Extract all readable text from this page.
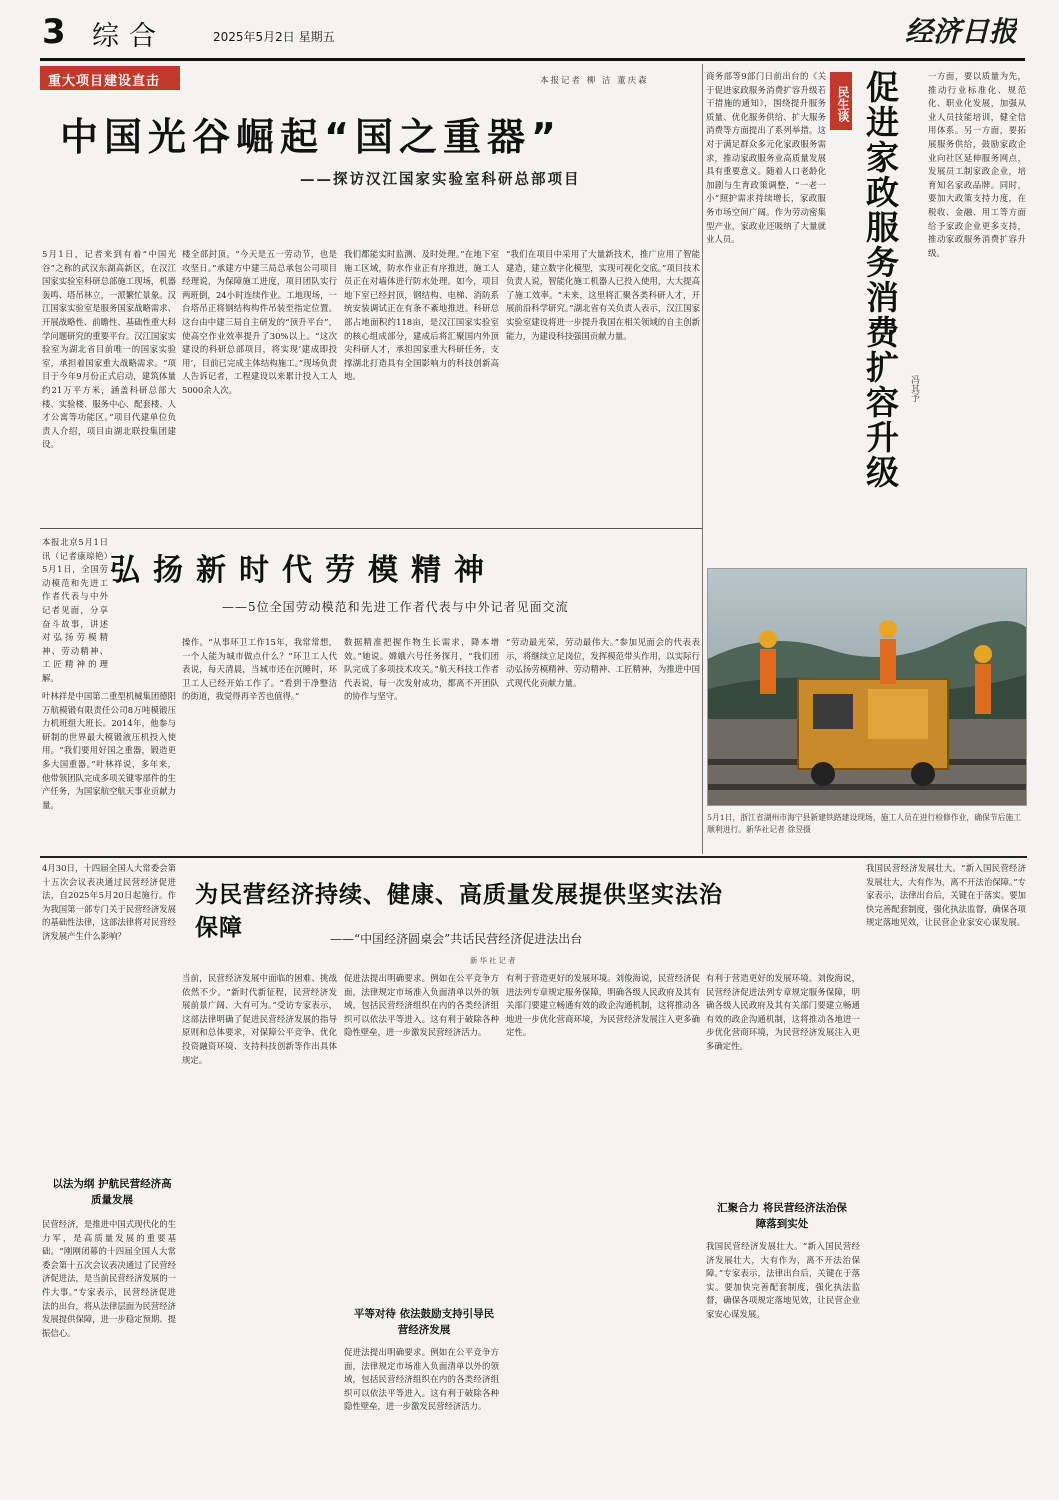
3 综合	2025年5月2日 星期五	经济日报
重大项目建设直击	本报记者 柳 洁 董庆森
中国光谷崛起“国之重器”
——探访汉江国家实验室科研总部项目
5月1日，记者来到有着“中国光谷”之称的武汉东湖高新区，在汉江国家实验室科研总部施工现场，机器轰鸣、塔吊林立，一派繁忙景象。汉江国家实验室是服务国家战略需求、开展战略性、前瞻性、基础性重大科学问题研究的重要平台。汉江国家实验室为湖北省目前唯一的国家实验室，承担着国家重大战略需求。“项目于今年9月份正式启动，建筑体量约21万平方米，涵盖科研总部大楼、实验楼、服务中心、配套楼、人才公寓等功能区。”项目代建单位负责人介绍，项目由湖北联投集团建设。
楼全部封顶。“今天是五一劳动节，也是攻坚日。”承建方中建三局总承包公司项目经理说，为保障施工进度，项目团队实行两班倒，24小时连续作业。工地现场，一台塔吊正将钢结构构件吊装至指定位置。这台由中建三局自主研发的“顶升平台”，使高空作业效率提升了30%以上。“这次建设的科研总部项目，将实现‘建成即投用’，目前已完成主体结构施工。”现场负责人告诉记者，工程建设以来累计投入工人5000余人次。
我们都能实时监测、及时处理。”在地下室施工区域，防水作业正有序推进，施工人员正在对墙体进行防水处理。如今，项目地下室已经封顶，钢结构、电梯、消防系统安装调试正在有条不紊地推进。科研总部占地面积约118亩，是汉江国家实验室的核心组成部分，建成后将汇聚国内外顶尖科研人才，承担国家重大科研任务，支撑湖北打造具有全国影响力的科技创新高地。
“我们在项目中采用了大量新技术，推广应用了智能建造，建立数字化模型，实现可视化交底。”项目技术负责人说，智能化施工机器人已投入使用，大大提高了施工效率。“未来，这里将汇聚各类科研人才，开展前沿科学研究。”湖北省有关负责人表示，汉江国家实验室建设将进一步提升我国在相关领域的自主创新能力，为建设科技强国贡献力量。
商务部等9部门日前出台的《关于促进家政服务消费扩容升级若干措施的通知》，围绕提升服务质量、优化服务供给、扩大服务消费等方面提出了系列举措。这对于满足群众多元化家政服务需求，推动家政服务业高质量发展具有重要意义。随着人口老龄化加剧与生育政策调整，“一老一小”照护需求持续增长，家政服务市场空间广阔。作为劳动密集型产业，家政业还吸纳了大量就业人员。
民生谈 促进家政服务消费扩容升级	冯其予
一方面，要以质量为先，推动行业标准化、规范化、职业化发展，加强从业人员技能培训，健全信用体系。另一方面，要拓展服务供给，鼓励家政企业向社区延伸服务网点，发展员工制家政企业，培育知名家政品牌。同时，要加大政策支持力度，在税收、金融、用工等方面给予家政企业更多支持，推动家政服务消费扩容升级。
本报北京5月1日讯（记者康琼艳）5月1日，全国劳动模范和先进工作者代表与中外记者见面，分享奋斗故事，讲述对弘扬劳模精神、劳动精神、工匠精神的理解。
弘扬新时代劳模精神
——5位全国劳动模范和先进工作者代表与中外记者见面交流
叶林祥是中国第二重型机械集团德阳万航模锻有限责任公司8万吨模锻压力机班组大班长。2014年，他参与研制的世界最大模锻液压机投入使用。“我们要用好国之重器，锻造更多大国重器。”叶林祥说，多年来，他带领团队完成多项关键零部件的生产任务，为国家航空航天事业贡献力量。
操作。“从事环卫工作15年，我常常想，一个人能为城市做点什么？”环卫工人代表说，每天清晨，当城市还在沉睡时，环卫工人已经开始工作了。“看到干净整洁的街道，我觉得再辛苦也值得。”
数据精准把握作物生长需求，降本增效。”她说。嫦娥六号任务探月，“我们团队完成了多项技术攻关。”航天科技工作者代表说，每一次发射成功，都离不开团队的协作与坚守。
“劳动最光荣，劳动最伟大。”参加见面会的代表表示，将继续立足岗位，发挥模范带头作用，以实际行动弘扬劳模精神、劳动精神、工匠精神，为推进中国式现代化贡献力量。
5月1日，浙江省湖州市海宁县新建铁路建设现场，施工人员在进行检修作业，确保节后施工顺利进行。新华社记者 徐昱摄
4月30日，十四届全国人大常委会第十五次会议表决通过民营经济促进法，自2025年5月20日起施行。作为我国第一部专门关于民营经济发展的基础性法律，这部法律将对民营经济发展产生什么影响？
为民营经济持续、健康、高质量发展提供坚实法治保障	——“中国经济圆桌会”共话民营经济促进法出台
新华社记者
以法为纲 护航民营经济高质量发展
民营经济，是推进中国式现代化的生力军，是高质量发展的重要基础。“刚刚闭幕的十四届全国人大常委会第十五次会议表决通过了民营经济促进法，是当前民营经济发展的一件大事。”专家表示，民营经济促进法的出台，将从法律层面为民营经济发展提供保障，进一步稳定预期、提振信心。
当前，民营经济发展中面临的困难、挑战依然不少。“新时代新征程，民营经济发展前景广阔、大有可为。”受访专家表示，这部法律明确了促进民营经济发展的指导原则和总体要求，对保障公平竞争、优化投资融资环境、支持科技创新等作出具体规定。
促进法提出明确要求。例如在公平竞争方面，法律规定市场准入负面清单以外的领域，包括民营经济组织在内的各类经济组织可以依法平等进入。这有利于破除各种隐性壁垒，进一步激发民营经济活力。
平等对待 依法鼓励支持引导民营经济发展
促进法提出明确要求。例如在公平竞争方面，法律规定市场准入负面清单以外的领域，包括民营经济组织在内的各类经济组织可以依法平等进入。这有利于破除各种隐性壁垒，进一步激发民营经济活力。
有利于营造更好的发展环境。刘俊海说，民营经济促进法列专章规定服务保障，明确各级人民政府及其有关部门要建立畅通有效的政企沟通机制，这将推动各地进一步优化营商环境，为民营经济发展注入更多确定性。
汇聚合力 将民营经济法治保障落到实处
有利于营造更好的发展环境。刘俊海说，民营经济促进法列专章规定服务保障，明确各级人民政府及其有关部门要建立畅通有效的政企沟通机制，这将推动各地进一步优化营商环境，为民营经济发展注入更多确定性。
我国民营经济发展壮大。“新入国民营经济发展壮大，大有作为，离不开法治保障。”专家表示，法律出台后，关键在于落实。要加快完善配套制度，强化执法监督，确保各项规定落地见效，让民营企业家安心谋发展。
我国民营经济发展壮大。“新入国民营经济发展壮大，大有作为，离不开法治保障。”专家表示，法律出台后，关键在于落实。要加快完善配套制度，强化执法监督，确保各项规定落地见效，让民营企业家安心谋发展。
